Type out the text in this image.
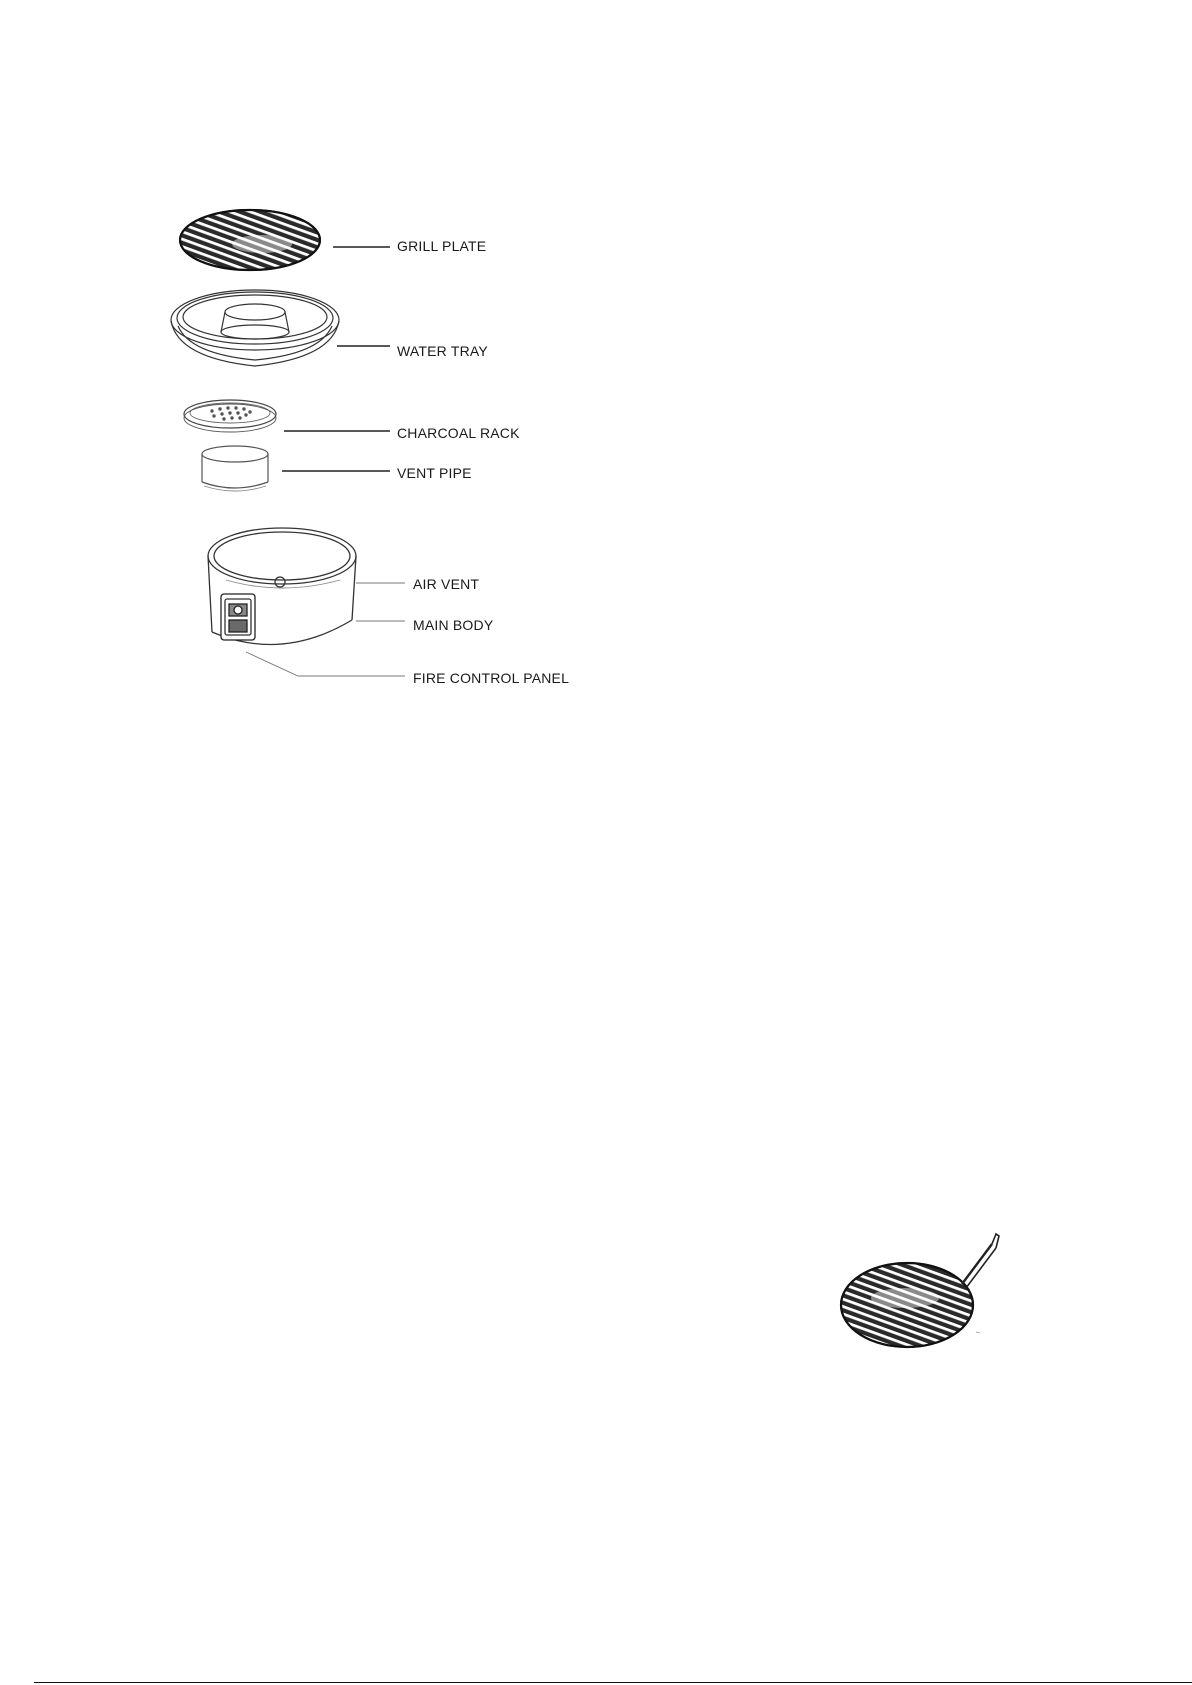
GRILL PLATE
WATER TRAY
CHARCOAL RACK
VENT PIPE
AIR VENT
MAIN BODY
FIRE CONTROL PANEL
